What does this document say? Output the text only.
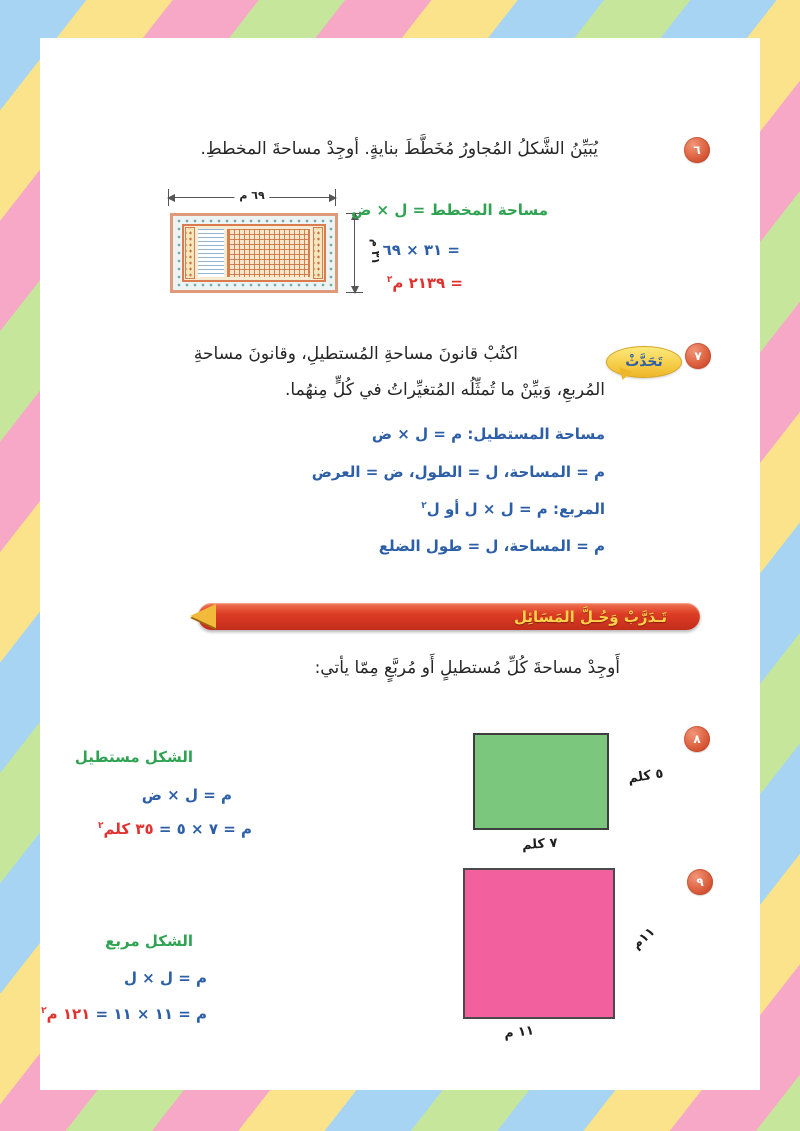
٦
يُبَيِّنُ الشَّكلُ المُجاورُ مُخَطَّطَ بنايةٍ. أوجِدْ مساحةَ المخططِ.
٦٩ م
٣١ م
مساحة المخطط = ل × ض
= ٣١ × ٦٩
= ٢١٣٩ م$^٢$
٧
تَحَدَّثْ
اكتُبْ قانونَ مساحةِ المُستطيلِ، وقانونَ مساحةِ
المُربعِ، وَبيِّنْ ما تُمثِّلُه المُتغيِّراتُ في كُلٍّ مِنهُما.
مساحة المستطيل: م = ل × ض
م = المساحة، ل = الطول، ض = العرض
المربع: م = ل × ل أو ل$^٢$
م = المساحة، ل = طول الضلع
تَـدَرَّبْ وَحُـلَّ المَسَائِل
أَوجِدْ مساحةَ كُلِّ مُستطيلٍ أَو مُربَّعٍ مِمّا يأتي:
٨
٥ كلم
٧ كلم
الشكل مستطيل
م = ل × ض
م = ٧ × ٥ = ٣٥ كلم$^٢$
٩
١١م
١١ م
الشكل مربع
م = ل × ل
م = ١١ × ١١ = ١٢١ م$^٢$
